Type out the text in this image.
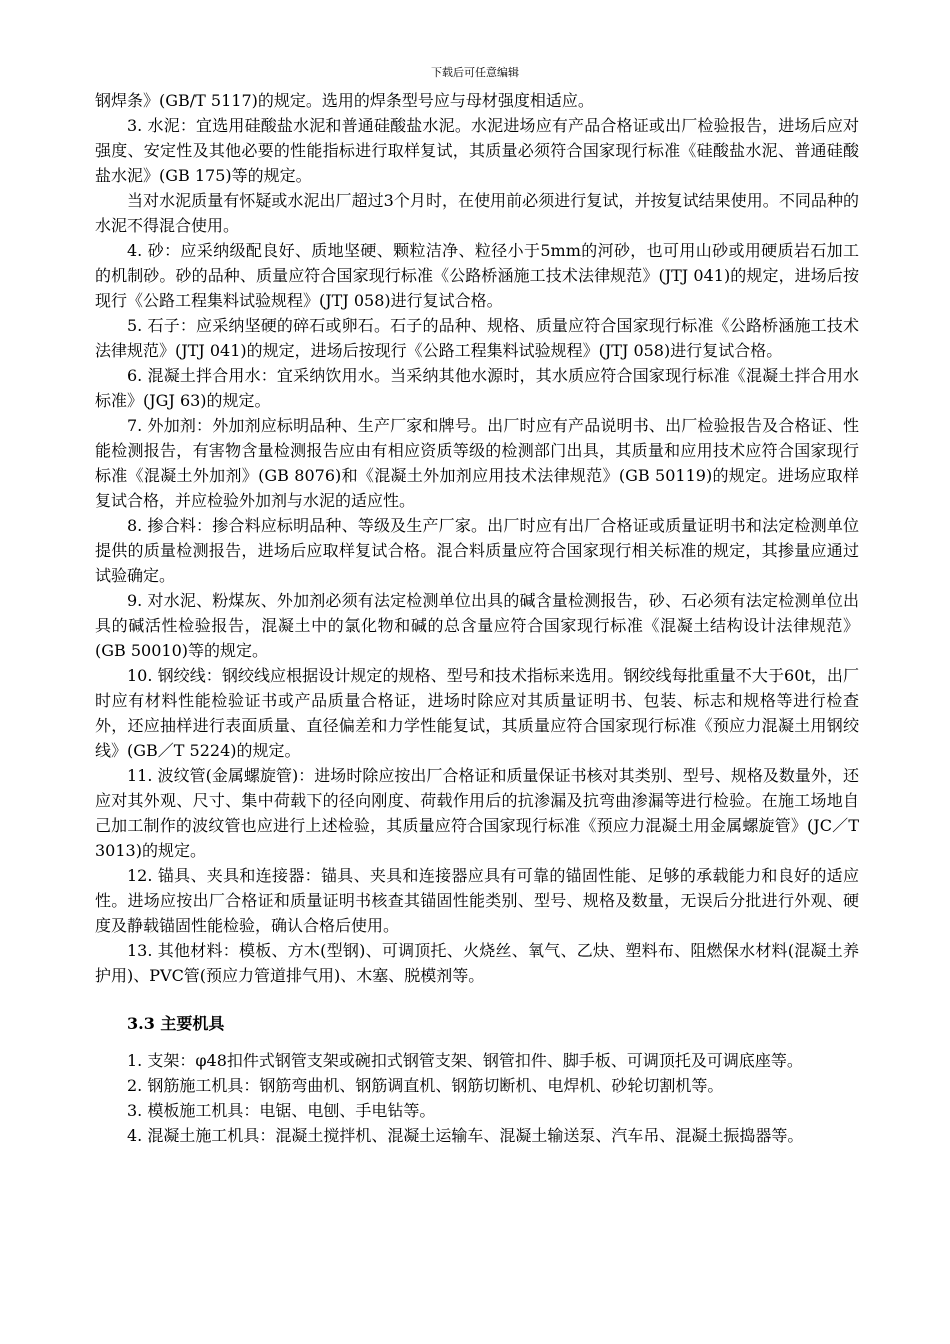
下载后可任意编辑

钢焊条》(GB/T 5117)的规定。选用的焊条型号应与母材强度相适应。

3. 水泥：宜选用硅酸盐水泥和普通硅酸盐水泥。水泥进场应有产品合格证或出厂检验报告，进场后应对强度、安定性及其他必要的性能指标进行取样复试，其质量必须符合国家现行标准《硅酸盐水泥、普通硅酸盐水泥》(GB 175)等的规定。

当对水泥质量有怀疑或水泥出厂超过3个月时，在使用前必须进行复试，并按复试结果使用。不同品种的水泥不得混合使用。

4. 砂：应采纳级配良好、质地坚硬、颗粒洁净、粒径小于5mm的河砂，也可用山砂或用硬质岩石加工的机制砂。砂的品种、质量应符合国家现行标准《公路桥涵施工技术法律规范》(JTJ 041)的规定，进场后按现行《公路工程集料试验规程》(JTJ 058)进行复试合格。

5. 石子：应采纳坚硬的碎石或卵石。石子的品种、规格、质量应符合国家现行标准《公路桥涵施工技术法律规范》(JTJ 041)的规定，进场后按现行《公路工程集料试验规程》(JTJ 058)进行复试合格。

6. 混凝土拌合用水：宜采纳饮用水。当采纳其他水源时，其水质应符合国家现行标准《混凝土拌合用水标准》(JGJ 63)的规定。

7. 外加剂：外加剂应标明品种、生产厂家和牌号。出厂时应有产品说明书、出厂检验报告及合格证、性能检测报告，有害物含量检测报告应由有相应资质等级的检测部门出具，其质量和应用技术应符合国家现行标准《混凝土外加剂》(GB 8076)和《混凝土外加剂应用技术法律规范》(GB 50119)的规定。进场应取样复试合格，并应检验外加剂与水泥的适应性。

8. 掺合料：掺合料应标明品种、等级及生产厂家。出厂时应有出厂合格证或质量证明书和法定检测单位提供的质量检测报告，进场后应取样复试合格。混合料质量应符合国家现行相关标准的规定，其掺量应通过试验确定。

9. 对水泥、粉煤灰、外加剂必须有法定检测单位出具的碱含量检测报告，砂、石必须有法定检测单位出具的碱活性检验报告，混凝土中的氯化物和碱的总含量应符合国家现行标准《混凝土结构设计法律规范》(GB 50010)等的规定。

10. 钢绞线：钢绞线应根据设计规定的规格、型号和技术指标来选用。钢绞线每批重量不大于60t，出厂时应有材料性能检验证书或产品质量合格证，进场时除应对其质量证明书、包装、标志和规格等进行检查外，还应抽样进行表面质量、直径偏差和力学性能复试，其质量应符合国家现行标准《预应力混凝土用钢绞线》(GB／T 5224)的规定。

11. 波纹管(金属螺旋管)：进场时除应按出厂合格证和质量保证书核对其类别、型号、规格及数量外，还应对其外观、尺寸、集中荷载下的径向刚度、荷载作用后的抗渗漏及抗弯曲渗漏等进行检验。在施工场地自己加工制作的波纹管也应进行上述检验，其质量应符合国家现行标准《预应力混凝土用金属螺旋管》(JC／T 3013)的规定。

12. 锚具、夹具和连接器：锚具、夹具和连接器应具有可靠的锚固性能、足够的承载能力和良好的适应性。进场应按出厂合格证和质量证明书核查其锚固性能类别、型号、规格及数量，无误后分批进行外观、硬度及静载锚固性能检验，确认合格后使用。

13. 其他材料：模板、方木(型钢)、可调顶托、火烧丝、氧气、乙炔、塑料布、阻燃保水材料(混凝土养护用)、PVC管(预应力管道排气用)、木塞、脱模剂等。

3.3 主要机具

1. 支架：φ48扣件式钢管支架或碗扣式钢管支架、钢管扣件、脚手板、可调顶托及可调底座等。

2. 钢筋施工机具：钢筋弯曲机、钢筋调直机、钢筋切断机、电焊机、砂轮切割机等。

3. 模板施工机具：电锯、电刨、手电钻等。

4. 混凝土施工机具：混凝土搅拌机、混凝土运输车、混凝土输送泵、汽车吊、混凝土振捣器等。
